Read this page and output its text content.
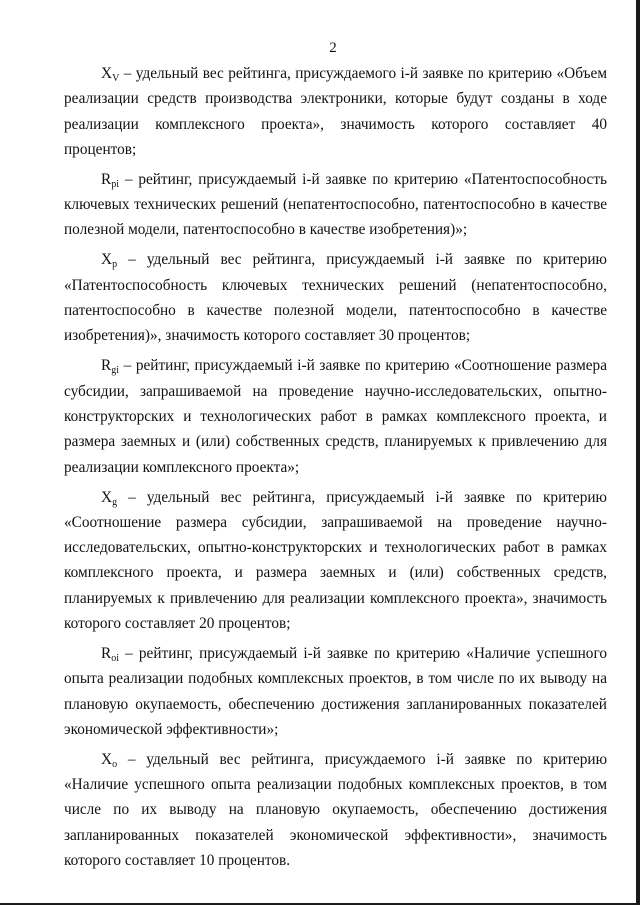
2

$X_V$ – удельный вес рейтинга, присуждаемого i-й заявке по критерию «Объем реализации средств производства электроники, которые будут созданы в ходе реализации комплексного проекта», значимость которого составляет 40 процентов;

$R_{pi}$ – рейтинг, присуждаемый i-й заявке по критерию «Патентоспособность ключевых технических решений (непатентоспособно, патентоспособно в качестве полезной модели, патентоспособно в качестве изобретения)»;

$X_p$ – удельный вес рейтинга, присуждаемый i-й заявке по критерию «Патентоспособность ключевых технических решений (непатентоспособно, патентоспособно в качестве полезной модели, патентоспособно в качестве изобретения)», значимость которого составляет 30 процентов;

$R_{gi}$ – рейтинг, присуждаемый i-й заявке по критерию «Соотношение размера субсидии, запрашиваемой на проведение научно-исследовательских, опытно-конструкторских и технологических работ в рамках комплексного проекта, и размера заемных и (или) собственных средств, планируемых к привлечению для реализации комплексного проекта»;

$X_g$ – удельный вес рейтинга, присуждаемый i-й заявке по критерию «Соотношение размера субсидии, запрашиваемой на проведение научно-исследовательских, опытно-конструкторских и технологических работ в рамках комплексного проекта, и размера заемных и (или) собственных средств, планируемых к привлечению для реализации комплексного проекта», значимость которого составляет 20 процентов;

$R_{oi}$ – рейтинг, присуждаемый i-й заявке по критерию «Наличие успешного опыта реализации подобных комплексных проектов, в том числе по их выводу на плановую окупаемость, обеспечению достижения запланированных показателей экономической эффективности»;

$X_o$ – удельный вес рейтинга, присуждаемого i-й заявке по критерию «Наличие успешного опыта реализации подобных комплексных проектов, в том числе по их выводу на плановую окупаемость, обеспечению достижения запланированных показателей экономической эффективности», значимость которого составляет 10 процентов.
